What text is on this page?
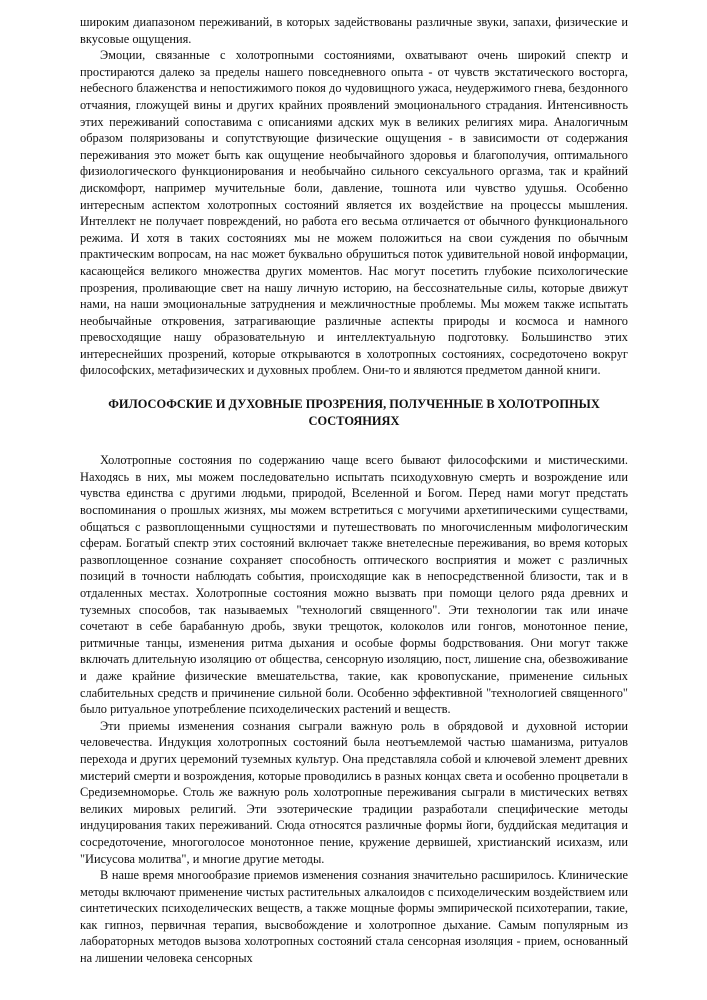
широким диапазоном переживаний, в которых задействованы различные звуки, запахи, физические и вкусовые ощущения.

Эмоции, связанные с холотропными состояниями, охватывают очень широкий спектр и простираются далеко за пределы нашего повседневного опыта - от чувств экстатического восторга, небесного блаженства и непостижимого покоя до чудовищного ужаса, неудержимого гнева, бездонного отчаяния, гложущей вины и других крайних проявлений эмоционального страдания. Интенсивность этих переживаний сопоставима с описаниями адских мук в великих религиях мира. Аналогичным образом поляризованы и сопутствующие физические ощущения - в зависимости от содержания переживания это может быть как ощущение необычайного здоровья и благополучия, оптимального физиологического функционирования и необычайно сильного сексуального оргазма, так и крайний дискомфорт, например мучительные боли, давление, тошнота или чувство удушья. Особенно интересным аспектом холотропных состояний является их воздействие на процессы мышления. Интеллект не получает повреждений, но работа его весьма отличается от обычного функционального режима. И хотя в таких состояниях мы не можем положиться на свои суждения по обычным практическим вопросам, на нас может буквально обрушиться поток удивительной новой информации, касающейся великого множества других моментов. Нас могут посетить глубокие психологические прозрения, проливающие свет на нашу личную историю, на бессознательные силы, которые движут нами, на наши эмоциональные затруднения и межличностные проблемы. Мы можем также испытать необычайные откровения, затрагивающие различные аспекты природы и космоса и намного превосходящие нашу образовательную и интеллектуальную подготовку. Большинство этих интереснейших прозрений, которые открываются в холотропных состояниях, сосредоточено вокруг философских, метафизических и духовных проблем. Они-то и являются предметом данной книги.

ФИЛОСОФСКИЕ И ДУХОВНЫЕ ПРОЗРЕНИЯ, ПОЛУЧЕННЫЕ В ХОЛОТРОПНЫХ СОСТОЯНИЯХ

Холотропные состояния по содержанию чаще всего бывают философскими и мистическими. Находясь в них, мы можем последовательно испытать психодуховную смерть и возрождение или чувства единства с другими людьми, природой, Вселенной и Богом. Перед нами могут предстать воспоминания о прошлых жизнях, мы можем встретиться с могучими архетипическими существами, общаться с развоплощенными сущностями и путешествовать по многочисленным мифологическим сферам. Богатый спектр этих состояний включает также внетелесные переживания, во время которых развоплощенное сознание сохраняет способность оптического восприятия и может с различных позиций в точности наблюдать события, происходящие как в непосредственной близости, так и в отдаленных местах. Холотропные состояния можно вызвать при помощи целого ряда древних и туземных способов, так называемых "технологий священного". Эти технологии так или иначе сочетают в себе барабанную дробь, звуки трещоток, колоколов или гонгов, монотонное пение, ритмичные танцы, изменения ритма дыхания и особые формы бодрствования. Они могут также включать длительную изоляцию от общества, сенсорную изоляцию, пост, лишение сна, обезвоживание и даже крайние физические вмешательства, такие, как кровопускание, применение сильных слабительных средств и причинение сильной боли. Особенно эффективной "технологией священного" было ритуальное употребление психоделических растений и веществ.

Эти приемы изменения сознания сыграли важную роль в обрядовой и духовной истории человечества. Индукция холотропных состояний была неотъемлемой частью шаманизма, ритуалов перехода и других церемоний туземных культур. Она представляла собой и ключевой элемент древних мистерий смерти и возрождения, которые проводились в разных концах света и особенно процветали в Средиземноморье. Столь же важную роль холотропные переживания сыграли в мистических ветвях великих мировых религий. Эти эзотерические традиции разработали специфические методы индуцирования таких переживаний. Сюда относятся различные формы йоги, буддийская медитация и сосредоточение, многоголосое монотонное пение, кружение дервишей, христианский исихазм, или "Иисусова молитва", и многие другие методы.

В наше время многообразие приемов изменения сознания значительно расширилось. Клинические методы включают применение чистых растительных алкалоидов с психоделическим воздействием или синтетических психоделических веществ, а также мощные формы эмпирической психотерапии, такие, как гипноз, первичная терапия, высвобождение и холотропное дыхание. Самым популярным из лабораторных методов вызова холотропных состояний стала сенсорная изоляция - прием, основанный на лишении человека сенсорных
